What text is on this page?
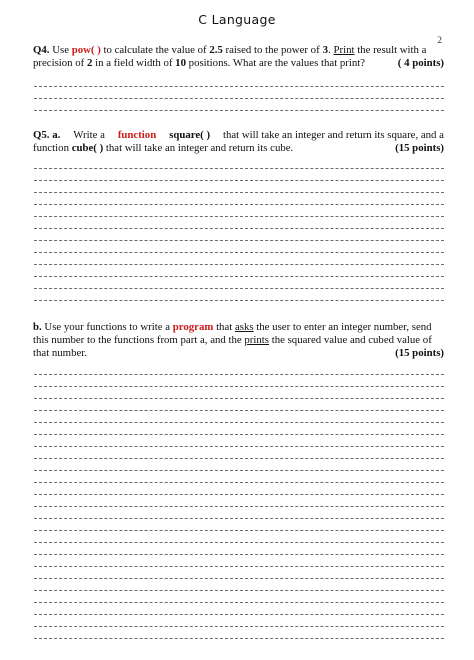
C Language
2
Q4. Use pow( ) to calculate the value of 2.5 raised to the power of 3. Print the result with a
precision of 2 in a field width of 10 positions. What are the values that print?	( 4 points)
Q5. a. Write a function square( ) that will take an integer and return its square, and a
function cube( ) that will take an integer and return its cube.	(15 points)
b. Use your functions to write a program that asks the user to enter an integer number, send
this number to the functions from part a, and the prints the squared value and cubed value of
that number.	(15 points)
